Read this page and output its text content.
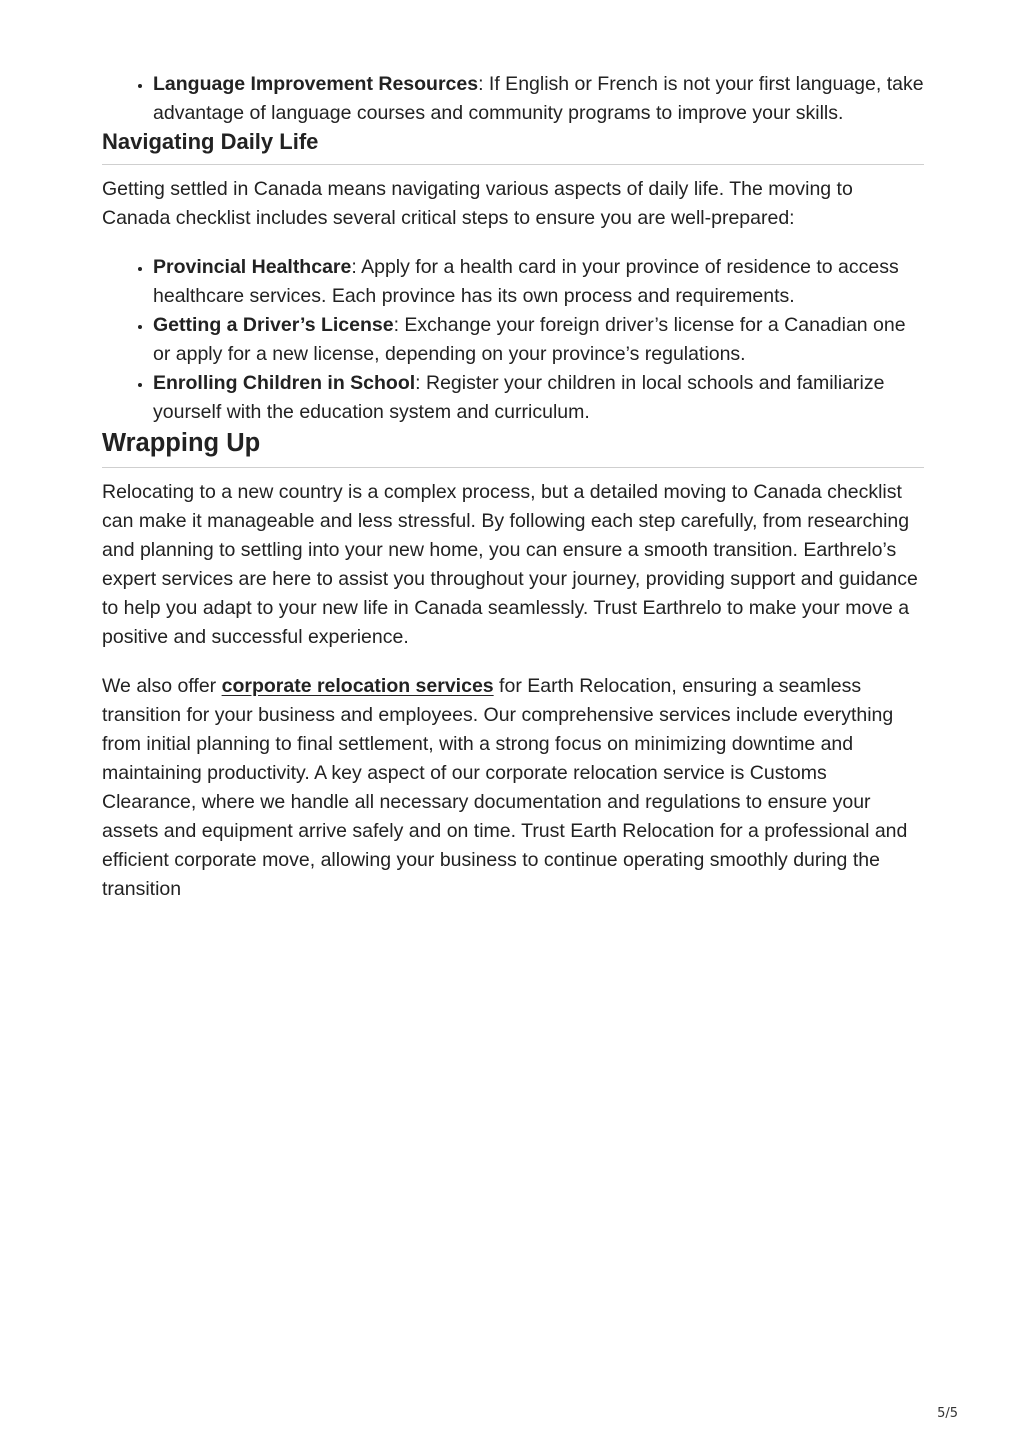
• Language Improvement Resources: If English or French is not your first language, take advantage of language courses and community programs to improve your skills.
Navigating Daily Life

Getting settled in Canada means navigating various aspects of daily life. The moving to Canada checklist includes several critical steps to ensure you are well-prepared:

• Provincial Healthcare: Apply for a health card in your province of residence to access healthcare services. Each province has its own process and requirements.
• Getting a Driver’s License: Exchange your foreign driver’s license for a Canadian one or apply for a new license, depending on your province’s regulations.
• Enrolling Children in School: Register your children in local schools and familiarize yourself with the education system and curriculum.
Wrapping Up

Relocating to a new country is a complex process, but a detailed moving to Canada checklist can make it manageable and less stressful. By following each step carefully, from researching and planning to settling into your new home, you can ensure a smooth transition. Earthrelo’s expert services are here to assist you throughout your journey, providing support and guidance to help you adapt to your new life in Canada seamlessly. Trust Earthrelo to make your move a positive and successful experience.

We also offer corporate relocation services for Earth Relocation, ensuring a seamless transition for your business and employees. Our comprehensive services include everything from initial planning to final settlement, with a strong focus on minimizing downtime and maintaining productivity. A key aspect of our corporate relocation service is Customs Clearance, where we handle all necessary documentation and regulations to ensure your assets and equipment arrive safely and on time. Trust Earth Relocation for a professional and efficient corporate move, allowing your business to continue operating smoothly during the transition

5/5
